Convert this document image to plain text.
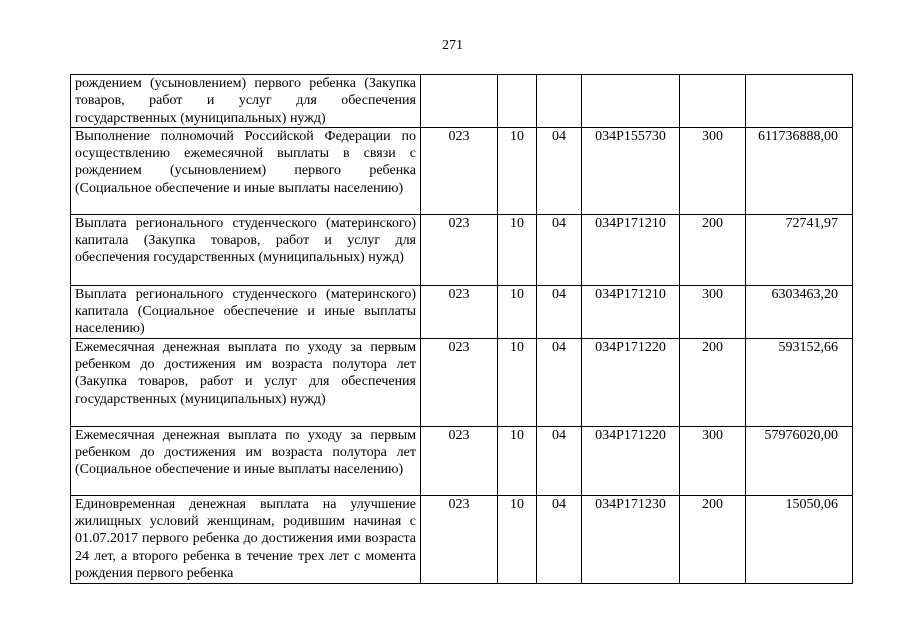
271
рождением (усыновлением) первого ребенка (Закупка товаров, работ и услуг для обеспечения государственных (муниципальных) нужд)						
Выполнение полномочий Российской Федерации по осуществлению ежемесячной выплаты в связи с рождением (усыновлением) первого ребенка (Социальное обеспечение и иные выплаты населению)	023	10	04	034P155730	300	611736888,00
Выплата регионального студенческого (материнского) капитала (Закупка товаров, работ и услуг для обеспечения государственных (муниципальных) нужд)	023	10	04	034P171210	200	72741,97
Выплата регионального студенческого (материнского) капитала (Социальное обеспечение и иные выплаты населению)	023	10	04	034P171210	300	6303463,20
Ежемесячная денежная выплата по уходу за первым ребенком до достижения им возраста полутора лет (Закупка товаров, работ и услуг для обеспечения государственных (муниципальных) нужд)	023	10	04	034P171220	200	593152,66
Ежемесячная денежная выплата по уходу за первым ребенком до достижения им возраста полутора лет (Социальное обеспечение и иные выплаты населению)	023	10	04	034P171220	300	57976020,00
Единовременная денежная выплата на улучшение жилищных условий женщинам, родившим начиная с 01.07.2017 первого ребенка до достижения ими возраста 24 лет, а второго ребенка в течение трех лет с момента рождения первого ребенка	023	10	04	034P171230	200	15050,06
